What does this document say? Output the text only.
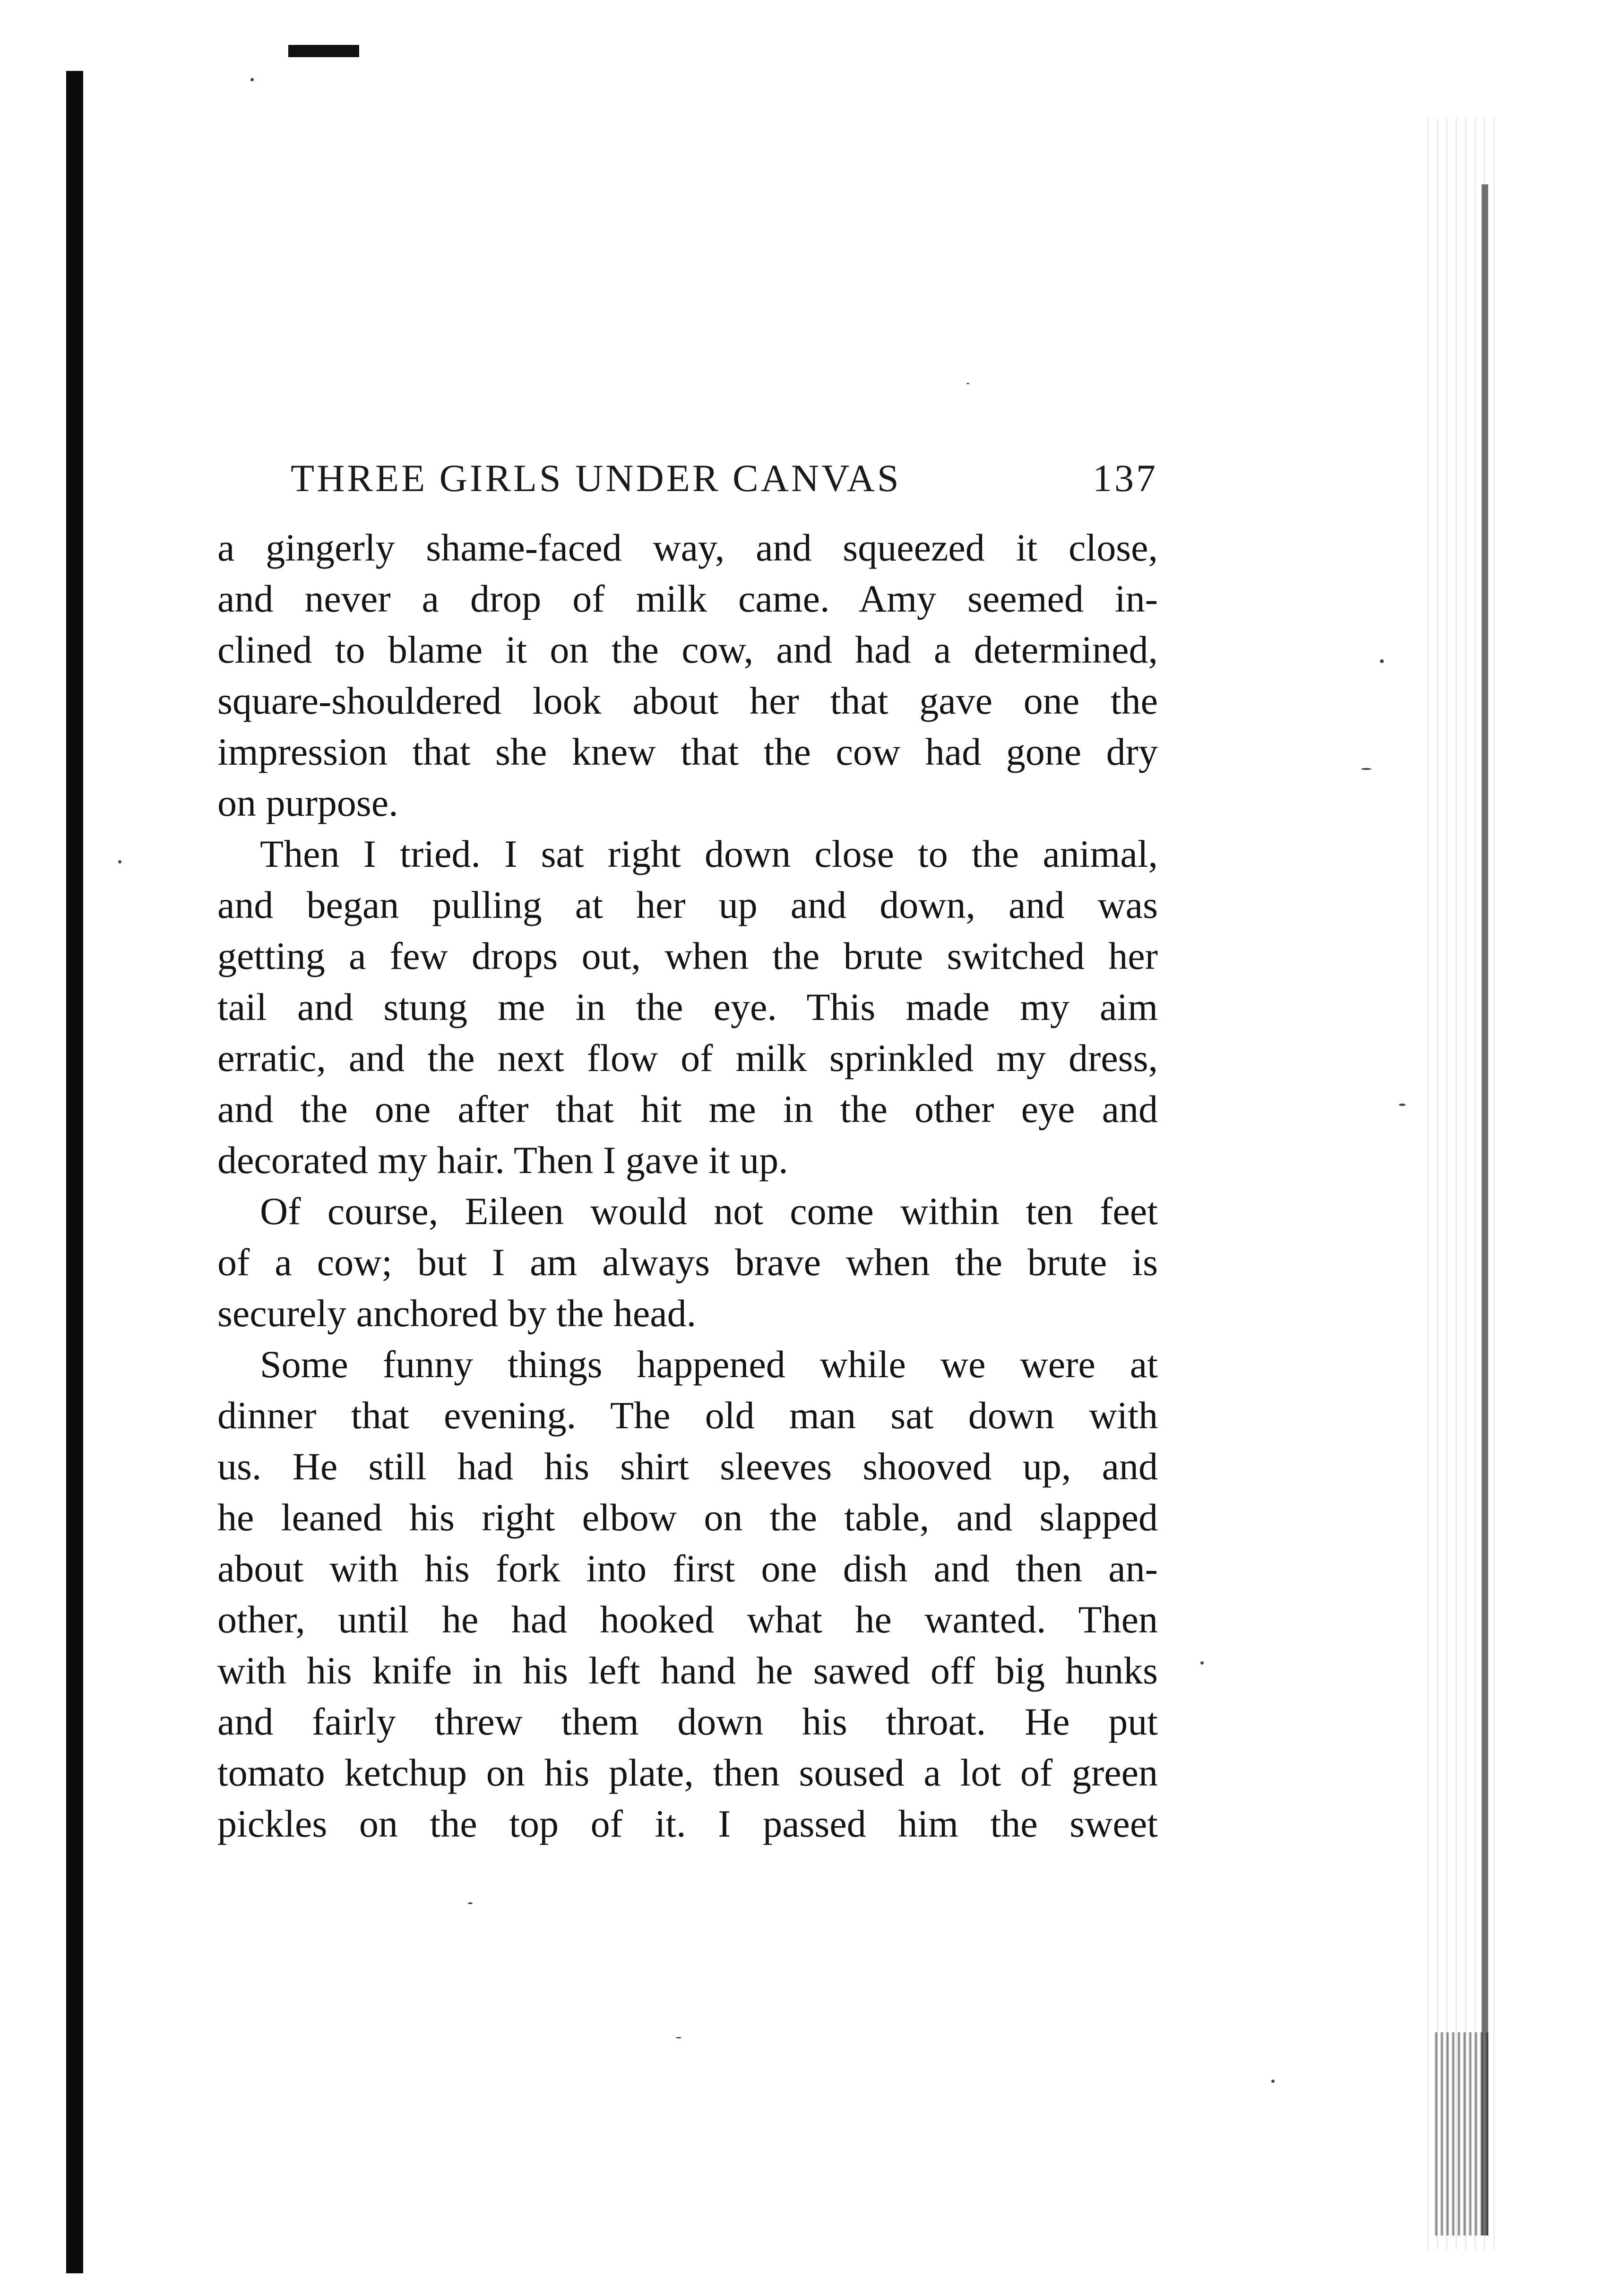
THREE GIRLS UNDER CANVAS	137
a gingerly shame-faced way, and squeezed it close,
and never a drop of milk came. Amy seemed in-
clined to blame it on the cow, and had a determined,
square-shouldered look about her that gave one the
impression that she knew that the cow had gone dry
on purpose.
Then I tried. I sat right down close to the animal,
and began pulling at her up and down, and was
getting a few drops out, when the brute switched her
tail and stung me in the eye. This made my aim
erratic, and the next flow of milk sprinkled my dress,
and the one after that hit me in the other eye and
decorated my hair. Then I gave it up.
Of course, Eileen would not come within ten feet
of a cow; but I am always brave when the brute is
securely anchored by the head.
Some funny things happened while we were at
dinner that evening. The old man sat down with
us. He still had his shirt sleeves shooved up, and
he leaned his right elbow on the table, and slapped
about with his fork into first one dish and then an-
other, until he had hooked what he wanted. Then
with his knife in his left hand he sawed off big hunks
and fairly threw them down his throat. He put
tomato ketchup on his plate, then soused a lot of green
pickles on the top of it. I passed him the sweet
